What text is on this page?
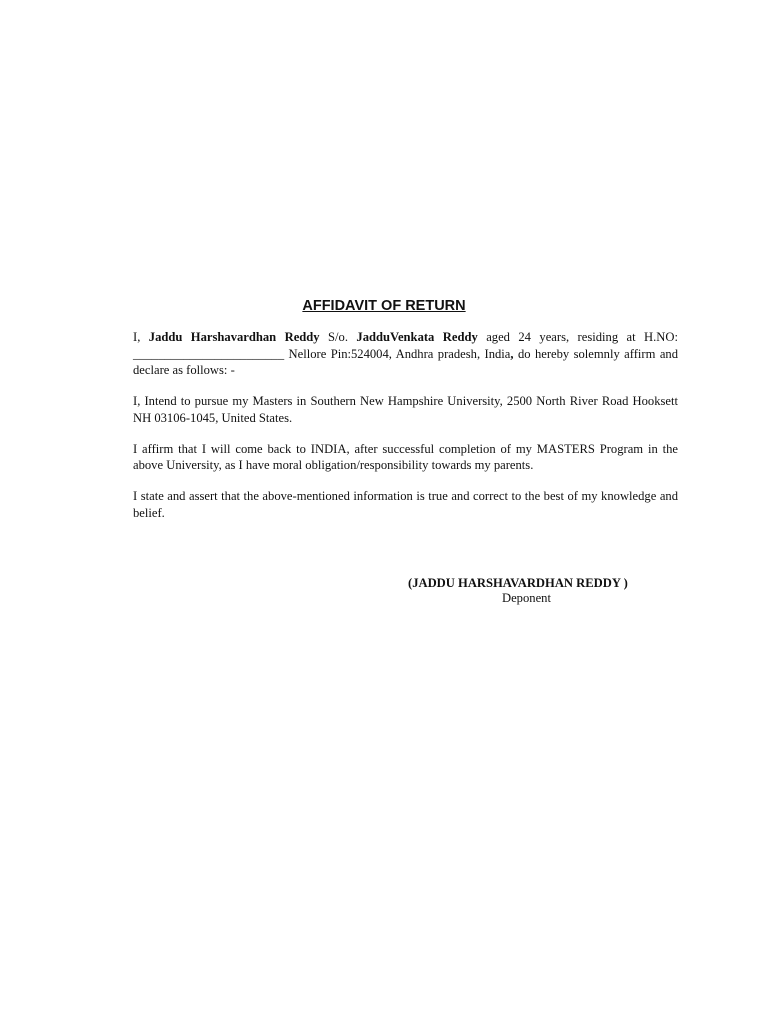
AFFIDAVIT OF RETURN

I, Jaddu Harshavardhan Reddy S/o. JadduVenkata Reddy aged 24 years, residing at H.NO: ________________________ Nellore Pin:524004, Andhra pradesh, India, do hereby solemnly affirm and declare as follows: -

I, Intend to pursue my Masters in Southern New Hampshire University, 2500 North River Road Hooksett NH 03106-1045, United States.

I affirm that I will come back to INDIA, after successful completion of my MASTERS Program in the above University, as I have moral obligation/responsibility towards my parents.

I state and assert that the above-mentioned information is true and correct to the best of my knowledge and belief.

(JADDU HARSHAVARDHAN REDDY )
Deponent
